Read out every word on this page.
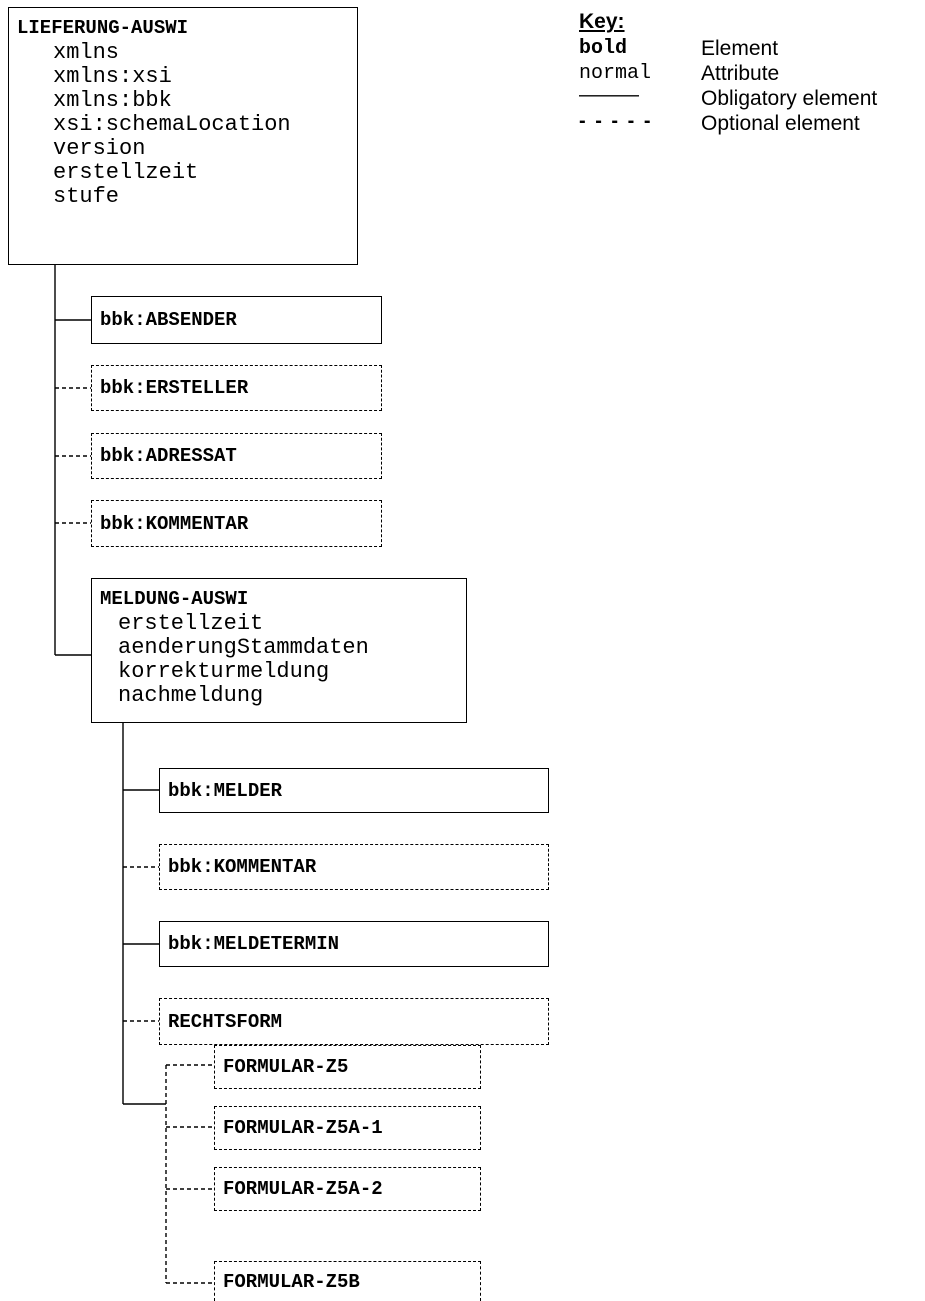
LIEFERUNG-AUSWI
xmlns
xmlns:xsi
xmlns:bbk
xsi:schemaLocation
version
erstellzeit
stufe
bbk:ABSENDER
bbk:ERSTELLER
bbk:ADRESSAT
bbk:KOMMENTAR
MELDUNG-AUSWI
erstellzeit
aenderungStammdaten
korrekturmeldung
nachmeldung
bbk:MELDER
bbk:KOMMENTAR
bbk:MELDETERMIN
RECHTSFORM
FORMULAR-Z5
FORMULAR-Z5A-1
FORMULAR-Z5A-2
FORMULAR-Z5B
Key:
bold	Element
normal Attribute
———	Obligatory element
- - - - - Optional element
